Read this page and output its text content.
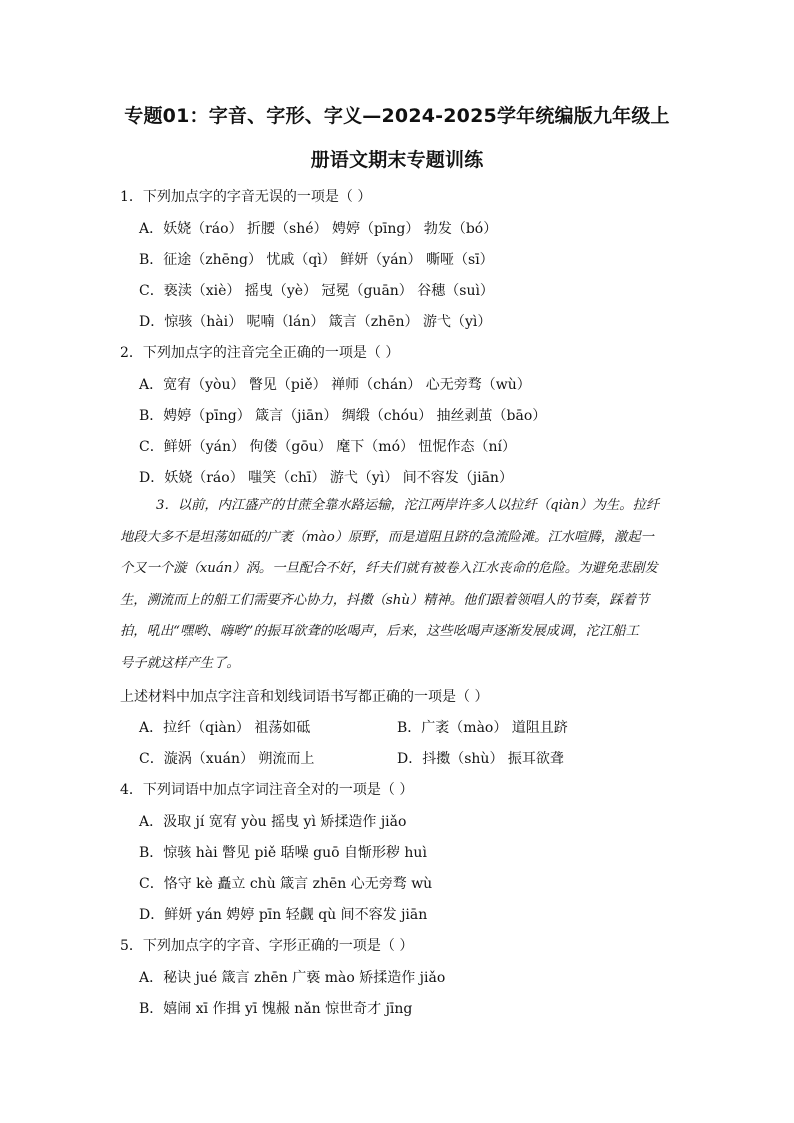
专题01：字音、字形、字义—2024-2025学年统编版九年级上
册语文期末专题训练
1．下列加点字的字音无误的一项是（ ）
A．妖娆（ráo） 折腰（shé） 娉婷（pīng） 勃发（bó）
B．征途（zhēng） 忧戚（qì） 鲜妍（yán） 嘶哑（sī）
C．亵渎（xiè） 摇曳（yè） 冠冕（guān） 谷穗（suì）
D．惊骇（hài） 呢喃（lán） 箴言（zhēn） 游弋（yì）
2．下列加点字的注音完全正确的一项是（ ）
A．宽宥（yòu） 瞥见（piě） 禅师（chán） 心无旁骛（wù）
B．娉婷（pīng） 箴言（jiān） 绸缎（chóu） 抽丝剥茧（bāo）
C．鲜妍（yán） 佝偻（gōu） 麾下（mó） 忸怩作态（ní）
D．妖娆（ráo） 嗤笑（chī） 游弋（yì） 间不容发（jiān）

3．以前，内江盛产的甘蔗全靠水路运输，沱江两岸许多人以拉纤（qiàn）为生。拉纤

地段大多不是坦荡如砥的广袤（mào）原野，而是道阻且跻的急流险滩。江水喧腾，激起一

个又一个漩（xuán）涡。一旦配合不好，纤夫们就有被卷入江水丧命的危险。为避免悲剧发

生，溯流而上的船工们需要齐心协力，抖擞（shù）精神。他们跟着领唱人的节奏，踩着节

拍，吼出“嘿哟、嗨哟”的振耳欲聋的吆喝声，后来，这些吆喝声逐渐发展成调，沱江船工

号子就这样产生了。

上述材料中加点字注音和划线词语书写都正确的一项是（ ）
A．拉纤（qiàn） 祖荡如砥	B．广袤（mào） 道阻且跻
C．漩涡（xuán） 朔流而上	D．抖擞（shù） 振耳欲聋
4．下列词语中加点字词注音全对的一项是（ ）
A．汲取 jí 宽宥 yòu 摇曳 yì 矫揉造作 jiǎo
B．惊骇 hài 瞥见 piě 聒噪 guō 自惭形秽 huì
C．恪守 kè 矗立 chù 箴言 zhēn 心无旁骛 wù
D．鲜妍 yán 娉婷 pīn 轻觑 qù 间不容发 jiān
5．下列加点字的字音、字形正确的一项是（ ）
A．秘诀 jué 箴言 zhēn 广亵 mào 矫揉造作 jiǎo
B．嬉闹 xī 作揖 yī 愧赧 nǎn 惊世奇才 jīng
